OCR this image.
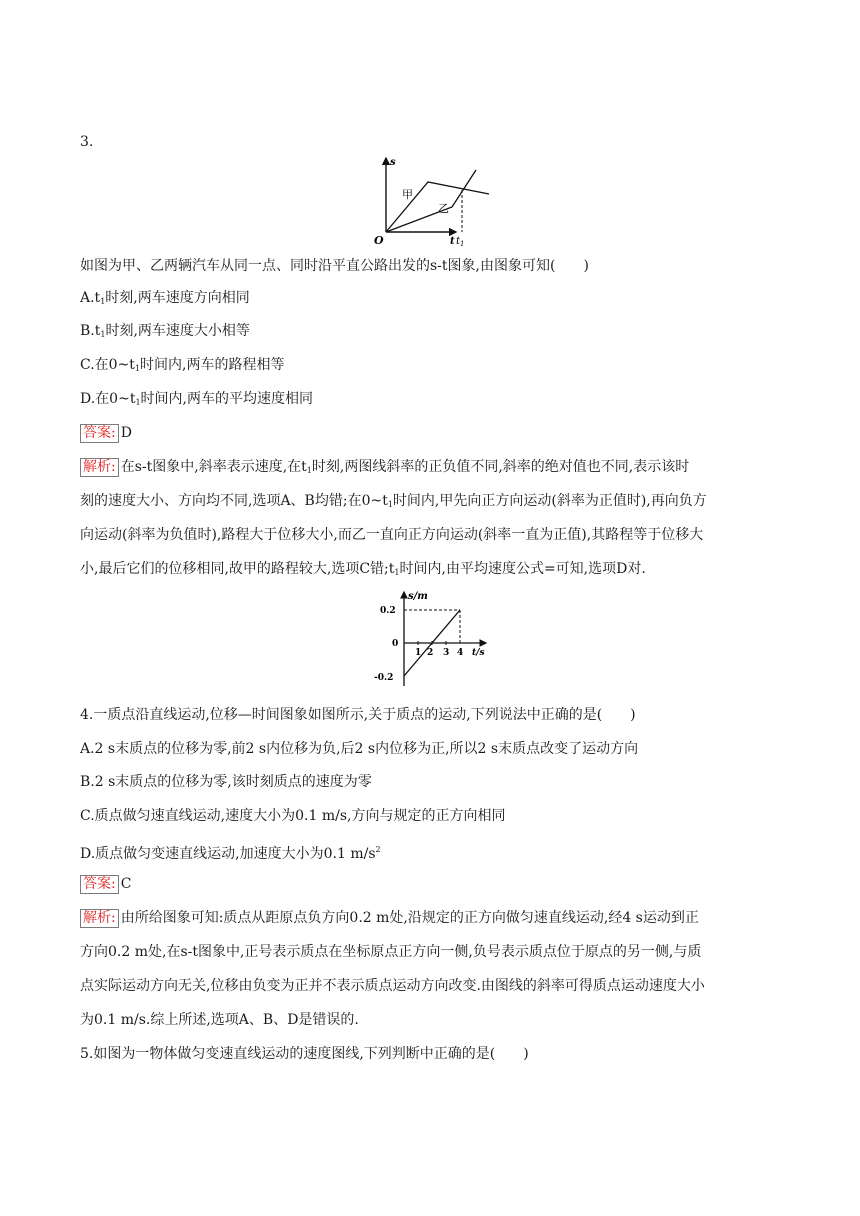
3.
s
t
O	$t_1$
甲
乙
如图为甲、乙两辆汽车从同一点、同时沿平直公路出发的s-t图象,由图象可知(　　)
$A.t_1$时刻,两车速度方向相同
$B.t_1$时刻,两车速度大小相等
C.在$0\sim t_1$时间内,两车的路程相等
D.在$0\sim t_1$时间内,两车的平均速度相同
答案: D
解析: 在s-t图象中,斜率表示速度,在$t_1$时刻,两图线斜率的正负值不同,斜率的绝对值也不同,表示该时
刻的速度大小、方向均不同,选项A、B均错;在$0\sim t_1$时间内,甲先向正方向运动(斜率为正值时),再向负方
向运动(斜率为负值时),路程大于位移大小,而乙一直向正方向运动(斜率一直为正值),其路程等于位移大
小,最后它们的位移相同,故甲的路程较大,选项C错$;t_1$时间内,由平均速度公式=可知,选项D对.
s/m
t/s
0.2
0
-0.2
1 2 3 4
4.一质点沿直线运动,位移—时间图象如图所示,关于质点的运动,下列说法中正确的是(　　)
A.2 s末质点的位移为零,前2 s内位移为负,后2 s内位移为正,所以2 s末质点改变了运动方向
B.2 s末质点的位移为零,该时刻质点的速度为零
C.质点做匀速直线运动,速度大小为0.1 m/s,方向与规定的正方向相同
D.质点做匀变速直线运动,加速度大小为0.1 $m/s^2$
答案: C
解析: 由所给图象可知:质点从距原点负方向0.2 m处,沿规定的正方向做匀速直线运动,经4 s运动到正
方向0.2 m处,在s-t图象中,正号表示质点在坐标原点正方向一侧,负号表示质点位于原点的另一侧,与质
点实际运动方向无关,位移由负变为正并不表示质点运动方向改变.由图线的斜率可得质点运动速度大小
为0.1 m/s.综上所述,选项A、B、D是错误的.
5.如图为一物体做匀变速直线运动的速度图线,下列判断中正确的是(　　)
